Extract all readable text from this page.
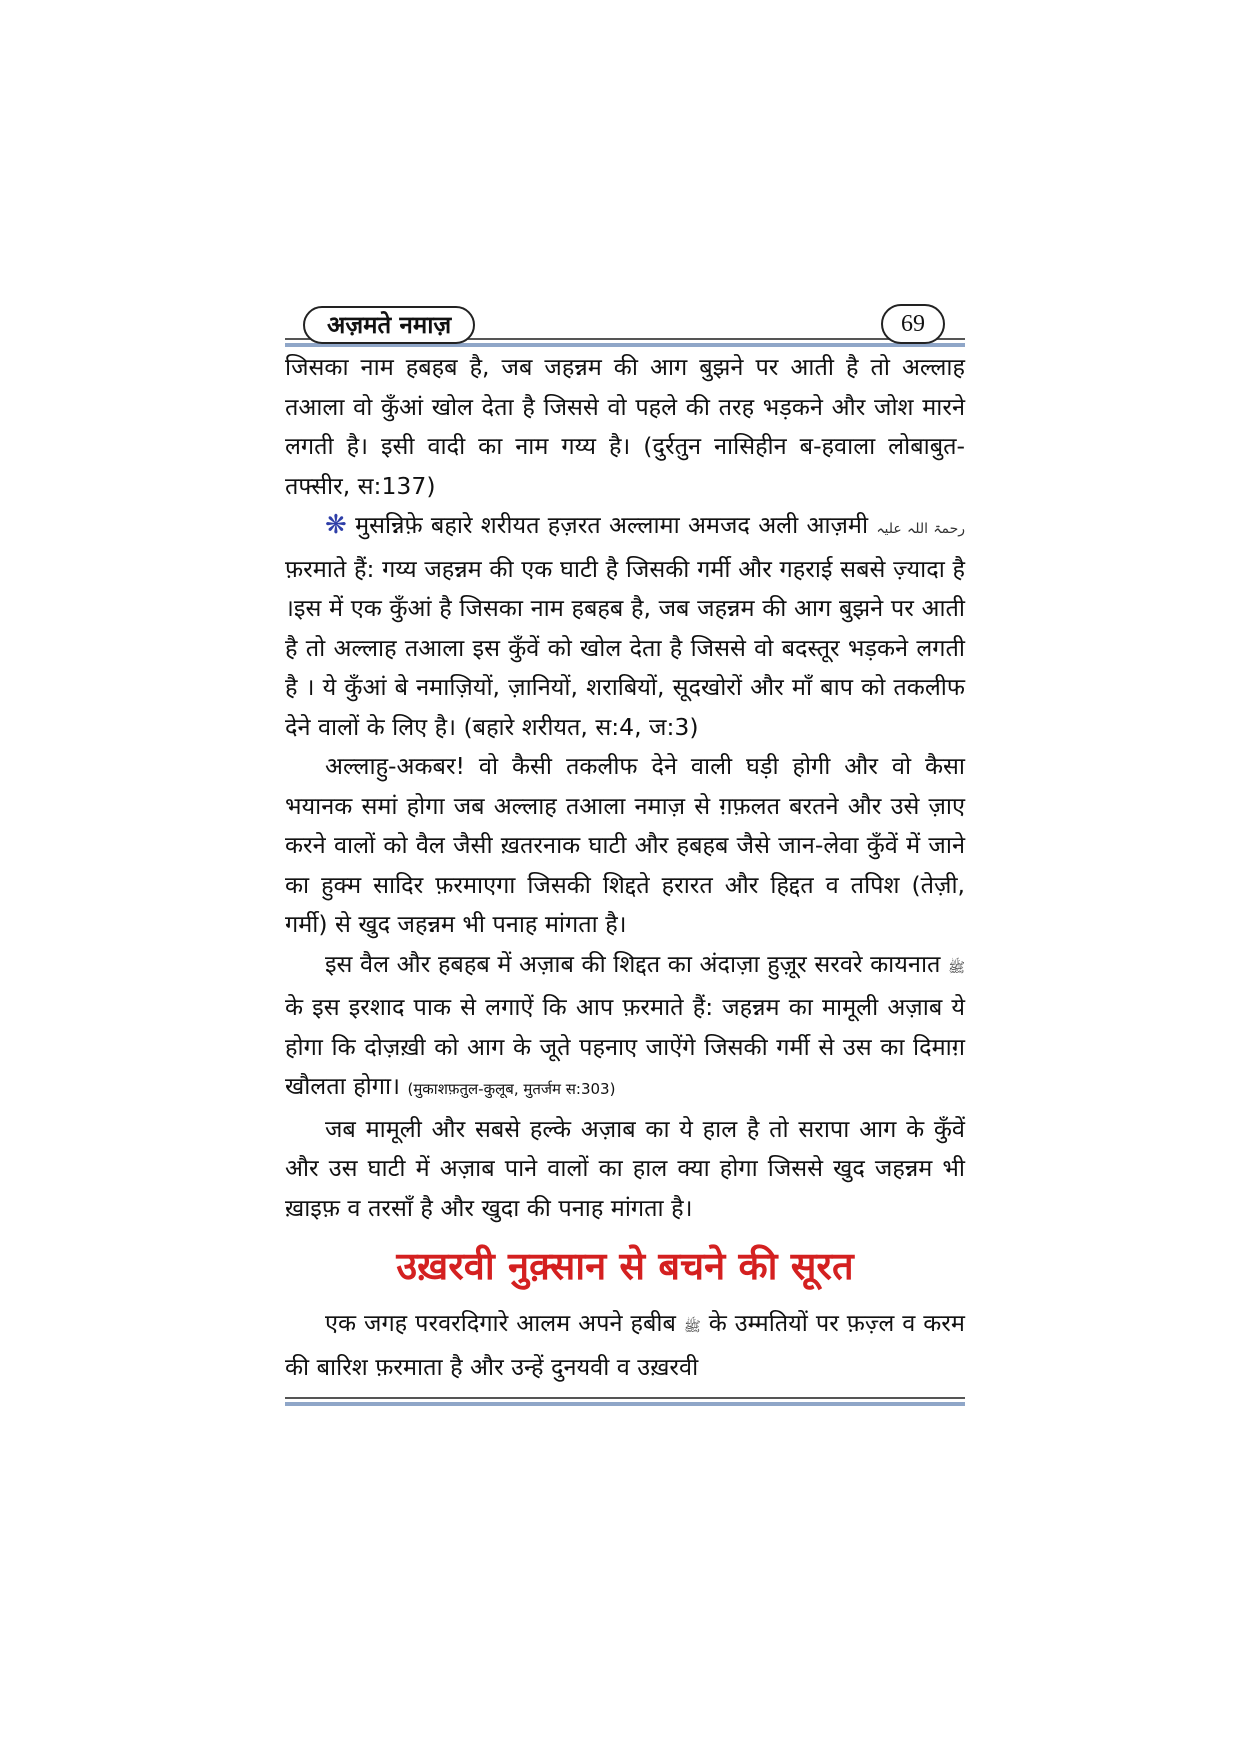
अज़मते नमाज़	69

जिसका नाम हबहब है, जब जहन्नम की आग बुझने पर आती है तो अल्लाह तआला वो कुँआं खोल देता है जिससे वो पहले की तरह भड़कने और जोश मारने लगती है। इसी वादी का नाम गय्य है। (दुर्रतुन नासिहीन ब-हवाला लोबाबुत-तफ्सीर, स:137)

❋ मुसन्निफ़े बहारे शरीयत हज़रत अल्लामा अमजद अली आज़मी رحمۃ اللہ علیہ फ़रमाते हैं: गय्य जहन्नम की एक घाटी है जिसकी गर्मी और गहराई सबसे ज़्यादा है ।इस में एक कुँआं है जिसका नाम हबहब है, जब जहन्नम की आग बुझने पर आती है तो अल्लाह तआला इस कुँवें को खोल देता है जिससे वो बदस्तूर भड़कने लगती है । ये कुँआं बे नमाज़ियों, ज़ानियों, शराबियों, सूदखोरों और माँ बाप को तकलीफ देने वालों के लिए है। (बहारे शरीयत, स:4, ज:3)

अल्लाहु-अकबर! वो कैसी तकलीफ देने वाली घड़ी होगी और वो कैसा भयानक समां होगा जब अल्लाह तआला नमाज़ से ग़फ़लत बरतने और उसे ज़ाए करने वालों को वैल जैसी ख़तरनाक घाटी और हबहब जैसे जान-लेवा कुँवें में जाने का हुक्म सादिर फ़रमाएगा जिसकी शिद्दते हरारत और हिद्दत व तपिश (तेज़ी, गर्मी) से खुद जहन्नम भी पनाह मांगता है।

इस वैल और हबहब में अज़ाब की शिद्दत का अंदाज़ा हुज़ूर सरवरे कायनात ﷺ के इस इरशाद पाक से लगाऐं कि आप फ़रमाते हैं: जहन्नम का मामूली अज़ाब ये होगा कि दोज़ख़ी को आग के जूते पहनाए जाऐंगे जिसकी गर्मी से उस का दिमाग़ खौलता होगा। (मुकाशफ़तुल-कुलूब, मुतर्जम स:303)

जब मामूली और सबसे हल्के अज़ाब का ये हाल है तो सरापा आग के कुँवें और उस घाटी में अज़ाब पाने वालों का हाल क्या होगा जिससे खुद जहन्नम भी ख़ाइफ़ व तरसाँ है और खुदा की पनाह मांगता है।

उख़रवी नुक़्सान से बचने की सूरत

एक जगह परवरदिगारे आलम अपने हबीब ﷺ के उम्मतियों पर फ़ज़्ल व करम की बारिश फ़रमाता है और उन्हें दुनयवी व उख़रवी
